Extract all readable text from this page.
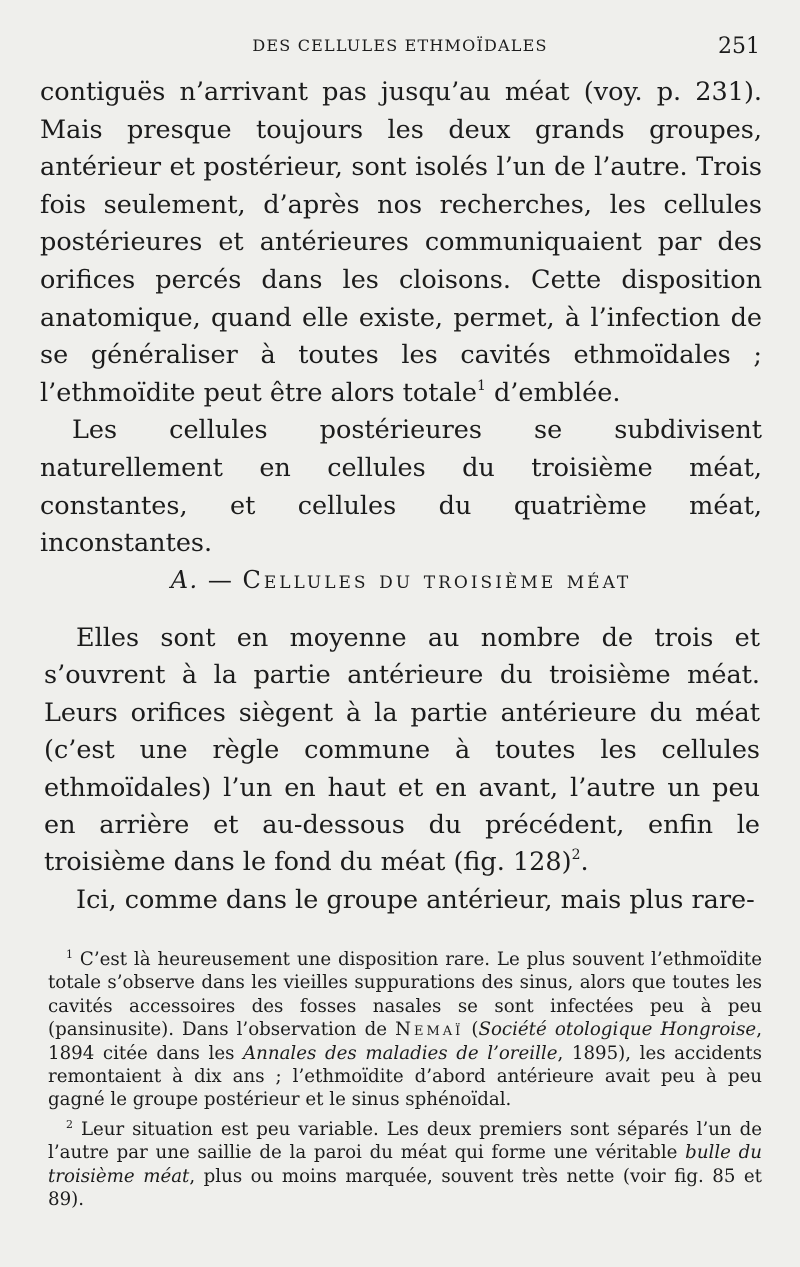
DES CELLULES ETHMOÏDALES	251

contiguës n’arrivant pas jusqu’au méat (voy. p. 231). Mais presque toujours les deux grands groupes, antérieur et postérieur, sont isolés l’un de l’autre. Trois fois seulement, d’après nos recherches, les cellules postérieures et antérieures communiquaient par des orifices percés dans les cloisons. Cette disposition anatomique, quand elle existe, permet, à l’infection de se généraliser à toutes les cavités ethmoïdales ; l’ethmoïdite peut être alors totale$^1$ d’emblée.

Les cellules postérieures se subdivisent naturellement en cellules du troisième méat, constantes, et cellules du quatrième méat, inconstantes.

A. — Cellules du troisième méat

Elles sont en moyenne au nombre de trois et s’ouvrent à la partie antérieure du troisième méat. Leurs orifices siègent à la partie antérieure du méat (c’est une règle commune à toutes les cellules ethmoïdales) l’un en haut et en avant, l’autre un peu en arrière et au-dessous du précédent, enfin le troisième dans le fond du méat (fig. 128)$^2$.

Ici, comme dans le groupe antérieur, mais plus rare-

$^1$ C’est là heureusement une disposition rare. Le plus souvent l’ethmoïdite totale s’observe dans les vieilles suppurations des sinus, alors que toutes les cavités accessoires des fosses nasales se sont infectées peu à peu (pansinusite). Dans l’observation de Nemaï (Société otologique Hongroise, 1894 citée dans les Annales des maladies de l’oreille, 1895), les accidents remontaient à dix ans ; l’ethmoïdite d’abord antérieure avait peu à peu gagné le groupe postérieur et le sinus sphénoïdal.

$^2$ Leur situation est peu variable. Les deux premiers sont séparés l’un de l’autre par une saillie de la paroi du méat qui forme une véritable bulle du troisième méat, plus ou moins marquée, souvent très nette (voir fig. 85 et 89).
